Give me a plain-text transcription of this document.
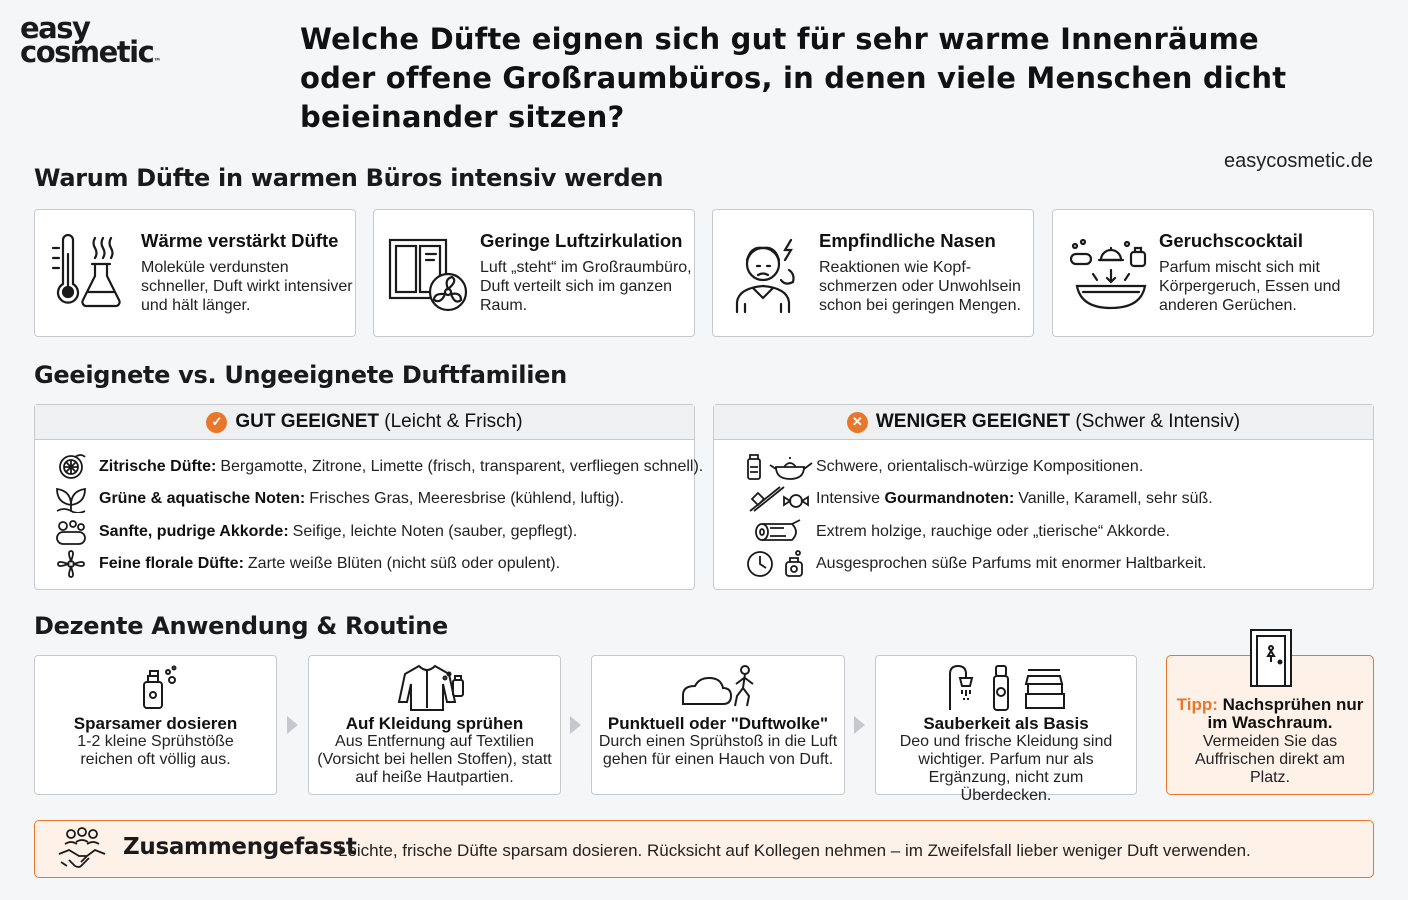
easy
cosmetic™
Welche Düfte eignen sich gut für sehr warme Innenräume oder offene Großraumbüros, in denen viele Menschen dicht beieinander sitzen?
easycosmetic.de
Warum Düfte in warmen Büros intensiv werden
Wärme verstärkt Düfte
Moleküle verdunsten schneller, Duft wirkt intensiver und hält länger.
Geringe Luftzirkulation
Luft „steht“ im Großraumbüro, Duft verteilt sich im ganzen Raum.
Empfindliche Nasen
Reaktionen wie Kopf-schmerzen oder Unwohlsein schon bei geringen Mengen.
Geruchscocktail
Parfum mischt sich mit Körpergeruch, Essen und anderen Gerüchen.
Geeignete vs. Ungeeignete Duftfamilien
✓ GUT GEEIGNET
(Leicht & Frisch)
Zitrische Düfte: Bergamotte, Zitrone, Limette (frisch, transparent, verfliegen schnell).
Grüne & aquatische Noten: Frisches Gras, Meeresbrise (kühlend, luftig).
Sanfte, pudrige Akkorde: Seifige, leichte Noten (sauber, gepflegt).
Feine florale Düfte: Zarte weiße Blüten (nicht süß oder opulent).
✕ WENIGER GEEIGNET
(Schwer & Intensiv)
Schwere, orientalisch-würzige Kompositionen.
Intensive
Gourmandnoten: Vanille, Karamell, sehr süß.
Extrem holzige, rauchige oder „tierische“ Akkorde.
Ausgesprochen süße Parfums mit enormer Haltbarkeit.
Dezente Anwendung & Routine
Sparsamer dosieren
1-2 kleine Sprühstöße reichen oft völlig aus.
Auf Kleidung sprühen
Aus Entfernung auf Textilien (Vorsicht bei hellen Stoffen), statt auf heiße Hautpartien.
Punktuell oder "Duftwolke"
Durch einen Sprühstoß in die Luft gehen für einen Hauch von Duft.
Sauberkeit als Basis
Deo und frische Kleidung sind wichtiger. Parfum nur als Ergänzung, nicht zum Überdecken.
Tipp: Nachsprühen nur im Waschraum.
Vermeiden Sie das Auffrischen direkt am Platz.
Zusammengefasst
Leichte, frische Düfte sparsam dosieren. Rücksicht auf Kollegen nehmen – im Zweifelsfall lieber weniger Duft verwenden.
